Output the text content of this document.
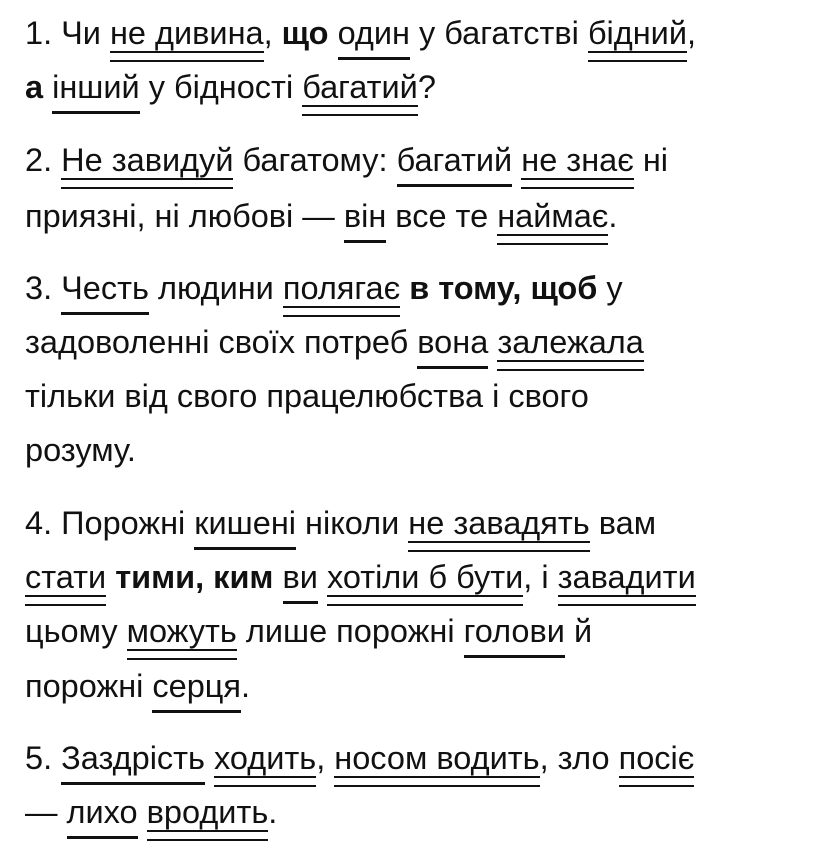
1. Чи не дивина, що один у багатстві бідний,
а інший у бідності багатий?
2. Не завидуй багатому: багатий не знає ні
приязні, ні любові — він все те наймає.
3. Честь людини полягає в тому, щоб у
задоволенні своїх потреб вона залежала
тільки від свого працелюбства і свого
розуму.
4. Порожні кишені ніколи не завадять вам
стати тими, ким ви хотіли б бути, і завадити
цьому можуть лише порожні голови й
порожні серця.
5. Заздрість ходить, носом водить, зло посіє
— лихо вродить.
